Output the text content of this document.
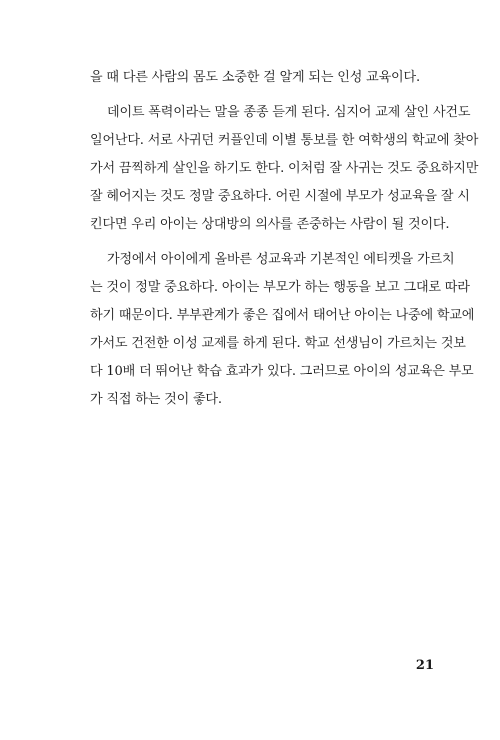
을 때 다른 사람의 몸도 소중한 걸 알게 되는 인성 교육이다.
데이트 폭력이라는 말을 종종 듣게 된다. 심지어 교제 살인 사건도
일어난다. 서로 사귀던 커플인데 이별 통보를 한 여학생의 학교에 찾아
가서 끔찍하게 살인을 하기도 한다. 이처럼 잘 사귀는 것도 중요하지만
잘 헤어지는 것도 정말 중요하다. 어린 시절에 부모가 성교육을 잘 시
킨다면 우리 아이는 상대방의 의사를 존중하는 사람이 될 것이다.
가정에서 아이에게 올바른 성교육과 기본적인 에티켓을 가르치
는 것이 정말 중요하다. 아이는 부모가 하는 행동을 보고 그대로 따라
하기 때문이다. 부부관계가 좋은 집에서 태어난 아이는 나중에 학교에
가서도 건전한 이성 교제를 하게 된다. 학교 선생님이 가르치는 것보
다 10배 더 뛰어난 학습 효과가 있다. 그러므로 아이의 성교육은 부모
가 직접 하는 것이 좋다.
21
